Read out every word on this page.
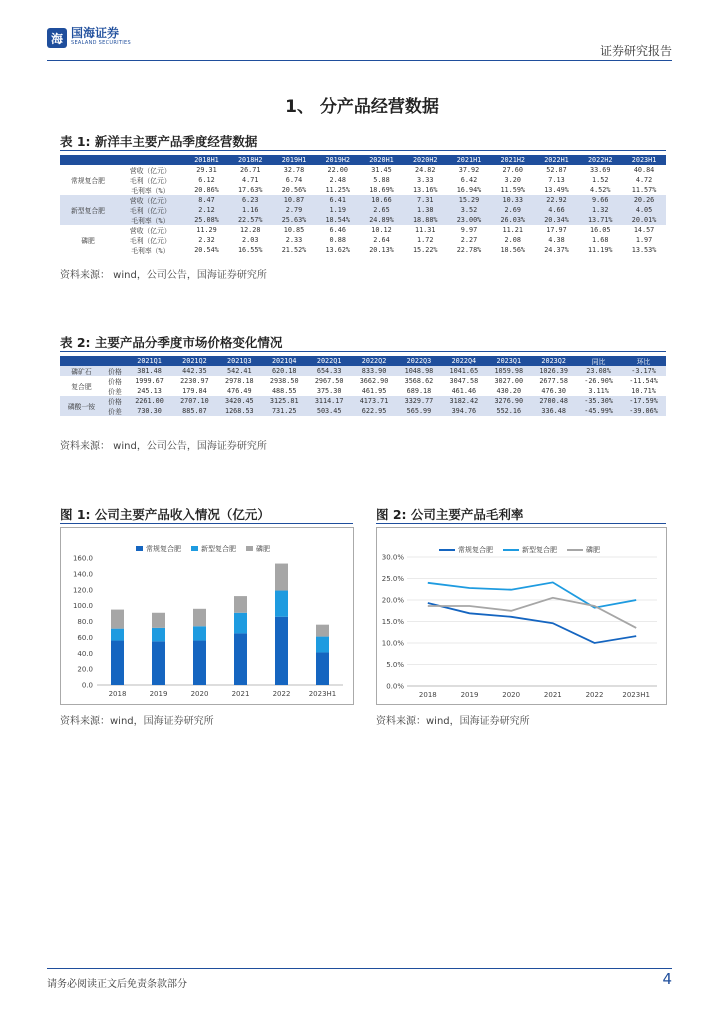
海 国海证券
SEALAND SECURITIES
证券研究报告
1、 分产品经营数据
表 1: 新洋丰主要产品季度经营数据
		2018H1	2018H2	2019H1	2019H2	2020H1	2020H2	2021H1	2021H2	2022H1	2022H2	2023H1
常规复合肥	营收（亿元）	29.31	26.71	32.78	22.00	31.45	24.82	37.92	27.60	52.87	33.69	40.84
	毛利（亿元）	6.12	4.71	6.74	2.48	5.88	3.33	6.42	3.20	7.13	1.52	4.72
	毛利率（%）	20.86%	17.63%	20.56%	11.25%	18.69%	13.16%	16.94%	11.59%	13.49%	4.52%	11.57%
新型复合肥	营收（亿元）	8.47	6.23	10.87	6.41	10.66	7.31	15.29	10.33	22.92	9.66	20.26
	毛利（亿元）	2.12	1.16	2.79	1.19	2.65	1.38	3.52	2.69	4.66	1.32	4.05
	毛利率（%）	25.08%	22.57%	25.63%	18.54%	24.89%	18.88%	23.00%	26.03%	20.34%	13.71%	20.01%
磷肥	营收（亿元）	11.29	12.28	10.85	6.46	10.12	11.31	9.97	11.21	17.97	16.05	14.57
	毛利（亿元）	2.32	2.03	2.33	0.88	2.64	1.72	2.27	2.08	4.38	1.68	1.97
	毛利率（%）	20.54%	16.55%	21.52%	13.62%	20.13%	15.22%	22.78%	18.56%	24.37%	11.19%	13.53%
资料来源： wind，公司公告，国海证券研究所
表 2: 主要产品分季度市场价格变化情况
		2021Q1	2021Q2	2021Q3	2021Q4	2022Q1	2022Q2	2022Q3	2022Q4	2023Q1	2023Q2	同比	环比
磷矿石	价格	381.48	442.35	542.41	620.18	654.33	833.90	1048.98	1041.65	1059.98	1026.39	23.08%	-3.17%
复合肥	价格	1999.67	2230.97	2978.18	2938.50	2967.50	3662.90	3568.62	3047.58	3027.00	2677.58	-26.90%	-11.54%
	价差	245.13	179.84	476.49	488.55	375.30	461.95	689.18	461.46	430.20	476.30	3.11%	10.71%
磷酸一铵	价格	2261.00	2707.10	3420.45	3125.81	3114.17	4173.71	3329.77	3182.42	3276.90	2700.48	-35.30%	-17.59%
	价差	730.30	885.07	1268.53	731.25	503.45	622.95	565.99	394.76	552.16	336.48	-45.99%	-39.06%
资料来源： wind，公司公告，国海证券研究所
图 1: 公司主要产品收入情况（亿元）
常规复合肥	新型复合肥	磷肥
0.0
20.0
40.0
60.0
80.0
100.0
120.0
140.0
160.0
2018	2019	2020	2021	2022	2023H1
资料来源：wind，国海证券研究所
图 2: 公司主要产品毛利率
常规复合肥	新型复合肥	磷肥
0.0%
5.0%
10.0%
15.0%
20.0%
25.0%
30.0%
2018	2019	2020	2021	2022	2023H1
资料来源：wind，国海证券研究所
请务必阅读正文后免责条款部分	4
